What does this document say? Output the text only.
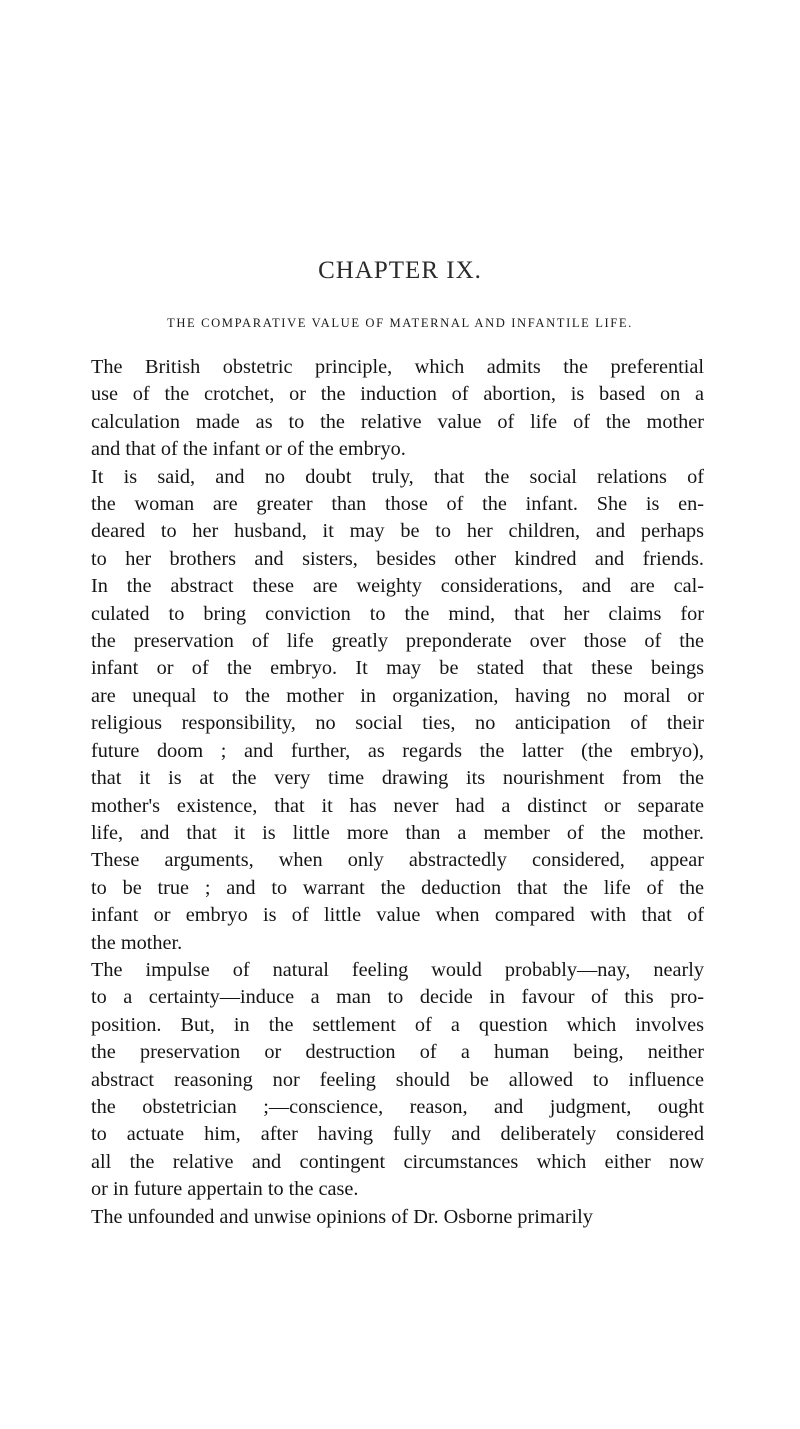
CHAPTER IX.
THE COMPARATIVE VALUE OF MATERNAL AND INFANTILE LIFE.
The British obstetric principle, which admits the preferential
use of the crotchet, or the induction of abortion, is based on a
calculation made as to the relative value of life of the mother
and that of the infant or of the embryo.
It is said, and no doubt truly, that the social relations of
the woman are greater than those of the infant. She is en-
deared to her husband, it may be to her children, and perhaps
to her brothers and sisters, besides other kindred and friends.
In the abstract these are weighty considerations, and are cal-
culated to bring conviction to the mind, that her claims for
the preservation of life greatly preponderate over those of the
infant or of the embryo. It may be stated that these beings
are unequal to the mother in organization, having no moral or
religious responsibility, no social ties, no anticipation of their
future doom ; and further, as regards the latter (the embryo),
that it is at the very time drawing its nourishment from the
mother's existence, that it has never had a distinct or separate
life, and that it is little more than a member of the mother.
These arguments, when only abstractedly considered, appear
to be true ; and to warrant the deduction that the life of the
infant or embryo is of little value when compared with that of
the mother.
The impulse of natural feeling would probably—nay, nearly
to a certainty—induce a man to decide in favour of this pro-
position. But, in the settlement of a question which involves
the preservation or destruction of a human being, neither
abstract reasoning nor feeling should be allowed to influence
the obstetrician ;—conscience, reason, and judgment, ought
to actuate him, after having fully and deliberately considered
all the relative and contingent circumstances which either now
or in future appertain to the case.
The unfounded and unwise opinions of Dr. Osborne primarily
